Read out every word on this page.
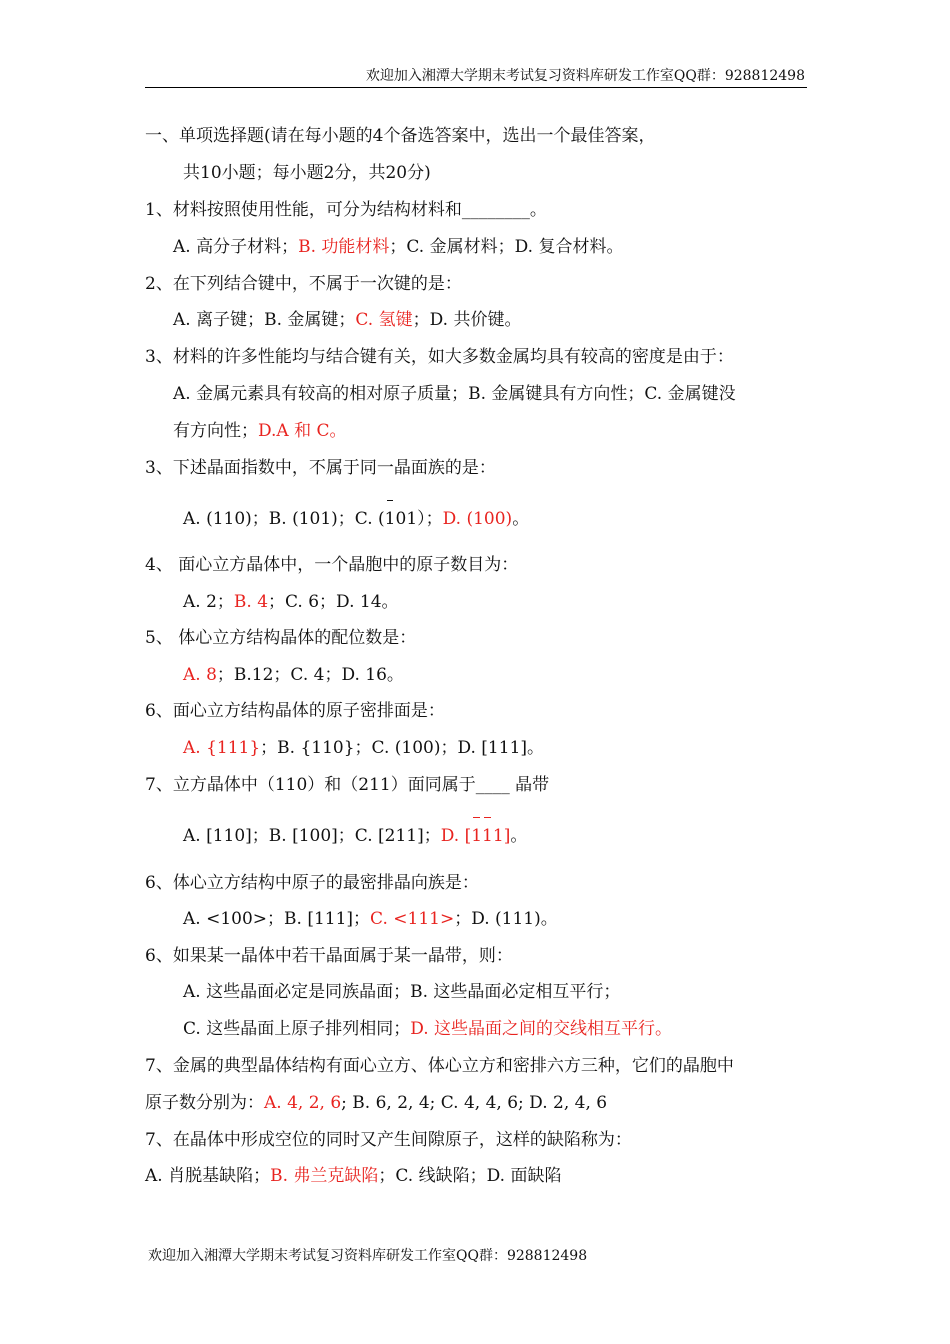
欢迎加入湘潭大学期末考试复习资料库研发工作室QQ群：928812498
一、单项选择题(请在每小题的4个备选答案中，选出一个最佳答案，
共10小题；每小题2分，共20分)
1、材料按照使用性能，可分为结构材料和________。
A. 高分子材料；B. 功能材料；C. 金属材料；D. 复合材料。
2、在下列结合键中，不属于一次键的是：
A. 离子键；B. 金属键；C. 氢键；D. 共价键。
3、材料的许多性能均与结合键有关，如大多数金属均具有较高的密度是由于：
A. 金属元素具有较高的相对原子质量；B. 金属键具有方向性；C. 金属键没
有方向性；D.A 和 C。
3、下述晶面指数中，不属于同一晶面族的是：
A. (110)；B. (101)；C. (101）；D. (100)。
4、 面心立方晶体中，一个晶胞中的原子数目为：
A. 2；B. 4；C. 6；D. 14。
5、 体心立方结构晶体的配位数是：
A. 8；B.12；C. 4；D. 16。
6、面心立方结构晶体的原子密排面是：
A. {111}；B. {110}；C. (100)；D. [111]。
7、立方晶体中（110）和（211）面同属于____ 晶带
A. [110]；B. [100]；C. [211]；D. [111]。
6、体心立方结构中原子的最密排晶向族是：
A. <100>；B. [111]；C. <111>；D. (111)。
6、如果某一晶体中若干晶面属于某一晶带，则：
A. 这些晶面必定是同族晶面；B. 这些晶面必定相互平行；
C. 这些晶面上原子排列相同；D. 这些晶面之间的交线相互平行。
7、金属的典型晶体结构有面心立方、体心立方和密排六方三种，它们的晶胞中
原子数分别为：A. 4, 2, 6; B. 6, 2, 4; C. 4, 4, 6; D. 2, 4, 6
7、在晶体中形成空位的同时又产生间隙原子，这样的缺陷称为：
A. 肖脱基缺陷；B. 弗兰克缺陷；C. 线缺陷；D. 面缺陷
欢迎加入湘潭大学期末考试复习资料库研发工作室QQ群：928812498
